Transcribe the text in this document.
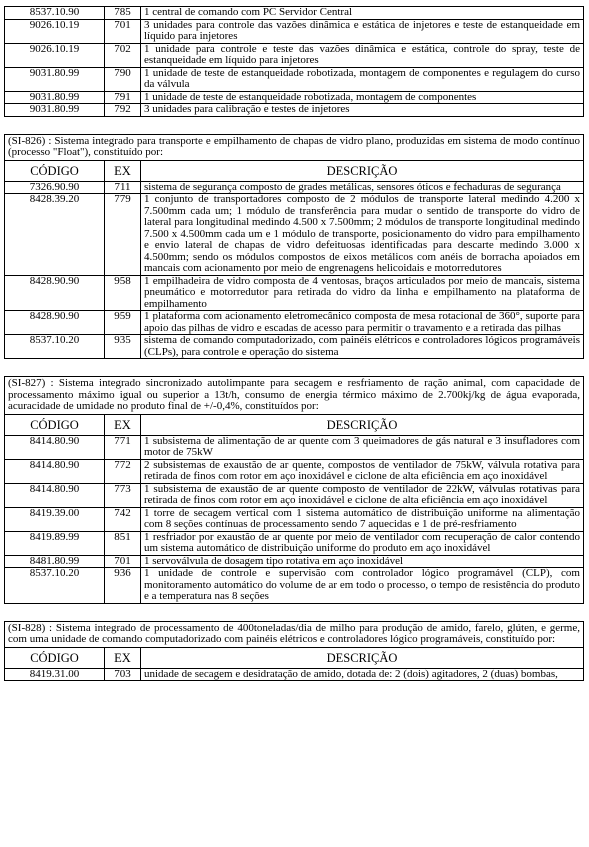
8537.10.90	785	1 central de comando com PC Servidor Central
9026.10.19	701	3 unidades para controle das vazões dinâmica e estática de injetores e teste de estanqueidade em líquido para injetores
9026.10.19	702	1 unidade para controle e teste das vazões dinâmica e estática, controle do spray, teste de estanqueidade em líquido para injetores
9031.80.99	790	1 unidade de teste de estanqueidade robotizada, montagem de componentes e regulagem do curso da válvula
9031.80.99	791	1 unidade de teste de estanqueidade robotizada, montagem de componentes
9031.80.99	792	3 unidades para calibração e testes de injetores
(SI-826) : Sistema integrado para transporte e empilhamento de chapas de vidro plano, produzidas em sistema de modo contínuo (processo "Float"), constituído por:		
CÓDIGO	EX	DESCRIÇÃO
7326.90.90	711	sistema de segurança composto de grades metálicas, sensores óticos e fechaduras de segurança
8428.39.20	779	1 conjunto de transportadores composto de 2 módulos de transporte lateral medindo 4.200 x 7.500mm cada um; 1 módulo de transferência para mudar o sentido de transporte do vidro de lateral para longitudinal medindo 4.500 x 7.500mm; 2 módulos de transporte longitudinal medindo 7.500 x 4.500mm cada um e 1 módulo de transporte, posicionamento do vidro para empilhamento e envio lateral de chapas de vidro defeituosas identificadas para descarte medindo 3.000 x 4.500mm; sendo os módulos compostos de eixos metálicos com anéis de borracha apoiados em mancais com acionamento por meio de engrenagens helicoidais e motorredutores
8428.90.90	958	1 empilhadeira de vidro composta de 4 ventosas, braços articulados por meio de mancais, sistema pneumático e motorredutor para retirada do vidro da linha e empilhamento na plataforma de empilhamento
8428.90.90	959	1 plataforma com acionamento eletromecânico composta de mesa rotacional de 360°, suporte para apoio das pilhas de vidro e escadas de acesso para permitir o travamento e a retirada das pilhas
8537.10.20	935	sistema de comando computadorizado, com painéis elétricos e controladores lógicos programáveis (CLPs), para controle e operação do sistema
(SI-827) : Sistema integrado sincronizado autolimpante para secagem e resfriamento de ração animal, com capacidade de processamento máximo igual ou superior a 13t/h, consumo de energia térmico máximo de 2.700kj/kg de água evaporada, acuracidade de umidade no produto final de +/-0,4%, constituídos por:		
CÓDIGO	EX	DESCRIÇÃO
8414.80.90	771	1 subsistema de alimentação de ar quente com 3 queimadores de gás natural e 3 insufladores com motor de 75kW
8414.80.90	772	2 subsistemas de exaustão de ar quente, compostos de ventilador de 75kW, válvula rotativa para retirada de finos com rotor em aço inoxidável e ciclone de alta eficiência em aço inoxidável
8414.80.90	773	1 subsistema de exaustão de ar quente composto de ventilador de 22kW, válvulas rotativas para retirada de finos com rotor em aço inoxidável e ciclone de alta eficiência em aço inoxidável
8419.39.00	742	1 torre de secagem vertical com 1 sistema automático de distribuição uniforme na alimentação com 8 seções contínuas de processamento sendo 7 aquecidas e 1 de pré-resfriamento
8419.89.99	851	1 resfriador por exaustão de ar quente por meio de ventilador com recuperação de calor contendo um sistema automático de distribuição uniforme do produto em aço inoxidável
8481.80.99	701	1 servoválvula de dosagem tipo rotativa em aço inoxidável
8537.10.20	936	1 unidade de controle e supervisão com controlador lógico programável (CLP), com monitoramento automático do volume de ar em todo o processo, o tempo de resistência do produto e a temperatura nas 8 seções
(SI-828) : Sistema integrado de processamento de 400toneladas/dia de milho para produção de amido, farelo, glúten, e germe, com uma unidade de comando computadorizado com painéis elétricos e controladores lógico programáveis, constituído por:		
CÓDIGO	EX	DESCRIÇÃO
8419.31.00	703	unidade de secagem e desidratação de amido, dotada de: 2 (dois) agitadores, 2 (duas) bombas,
